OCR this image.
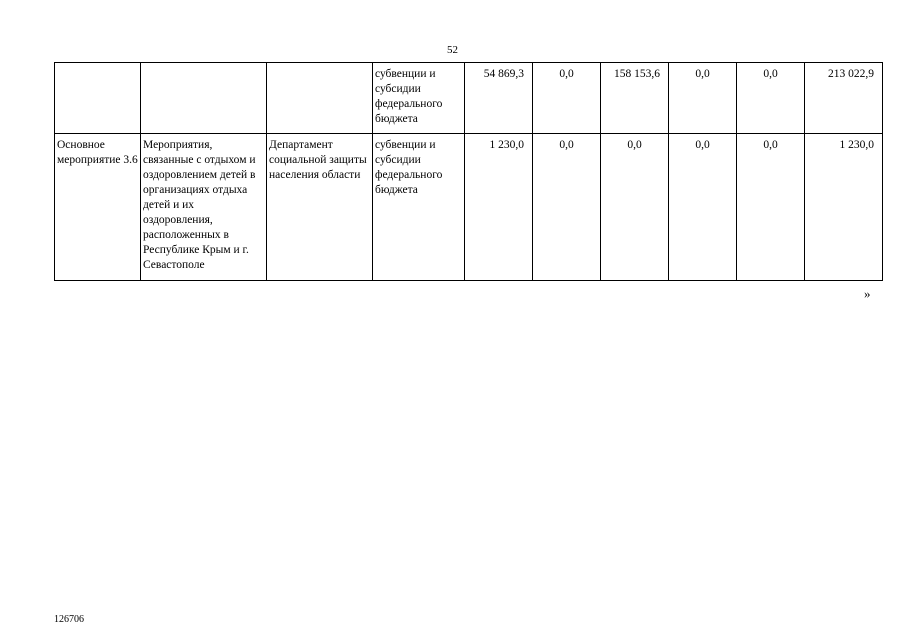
52
			субвенции и субсидии федерального бюджета	54 869,3	0,0	158 153,6	0,0	0,0	213 022,9
Основное мероприятие 3.6	Мероприятия, связанные с отдыхом и оздоровлением детей в организациях отдыха детей и их оздоровления, расположенных в Республике Крым и г. Севастополе	Департамент социальной защиты населения области	субвенции и субсидии федерального бюджета	1 230,0	0,0	0,0	0,0	0,0	1 230,0
»
126706
